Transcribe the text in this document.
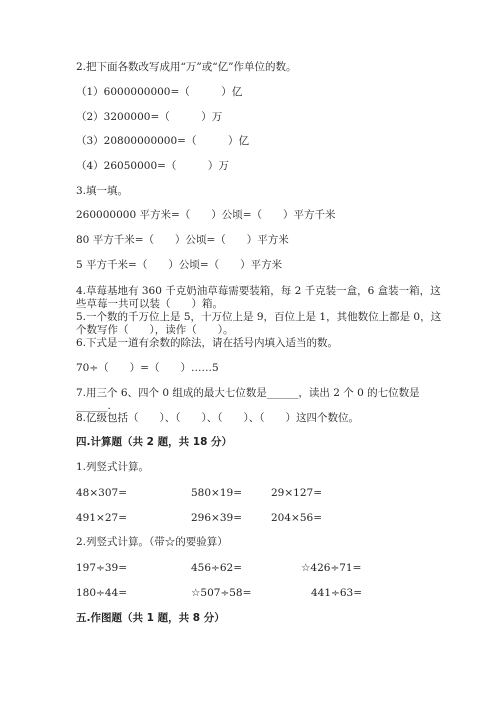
2.把下面各数改写成用“万”或“亿”作单位的数。
（1）6000000000=（　　　）亿
（2）3200000=（　　　）万
（3）20800000000=（　　　）亿
（4）26050000=（　　　）万
3.填一填。
260000000 平方米=（　　）公顷=（　　）平方千米
80 平方千米=（　　）公顷=（　　）平方米
5 平方千米=（　　）公顷=（　　）平方米
4.草莓基地有 360 千克奶油草莓需要装箱，每 2 千克装一盒，6 盒装一箱，这
些草莓一共可以装（　　）箱。
5.一个数的千万位上是 5，十万位上是 9，百位上是 1，其他数位上都是 0，这
个数写作（　　），读作（　　）。
6.下式是一道有余数的除法，请在括号内填入适当的数。
70÷（　　）=（　　）……5
7.用三个 6、四个 0 组成的最大七位数是______，读出 2 个 0 的七位数是
______.
8.亿级包括（　　）、（　　）、（　　）、（　　）这四个数位。
四.计算题（共 2 题，共 18 分）
1.列竖式计算。
48×307=	580×19=	29×127=
491×27=	296×39=	204×56=
2.列竖式计算。（带☆的要验算）
197÷39=	456÷62=	☆426÷71=
180÷44=	☆507÷58=	441÷63=
五.作图题（共 1 题，共 8 分）
